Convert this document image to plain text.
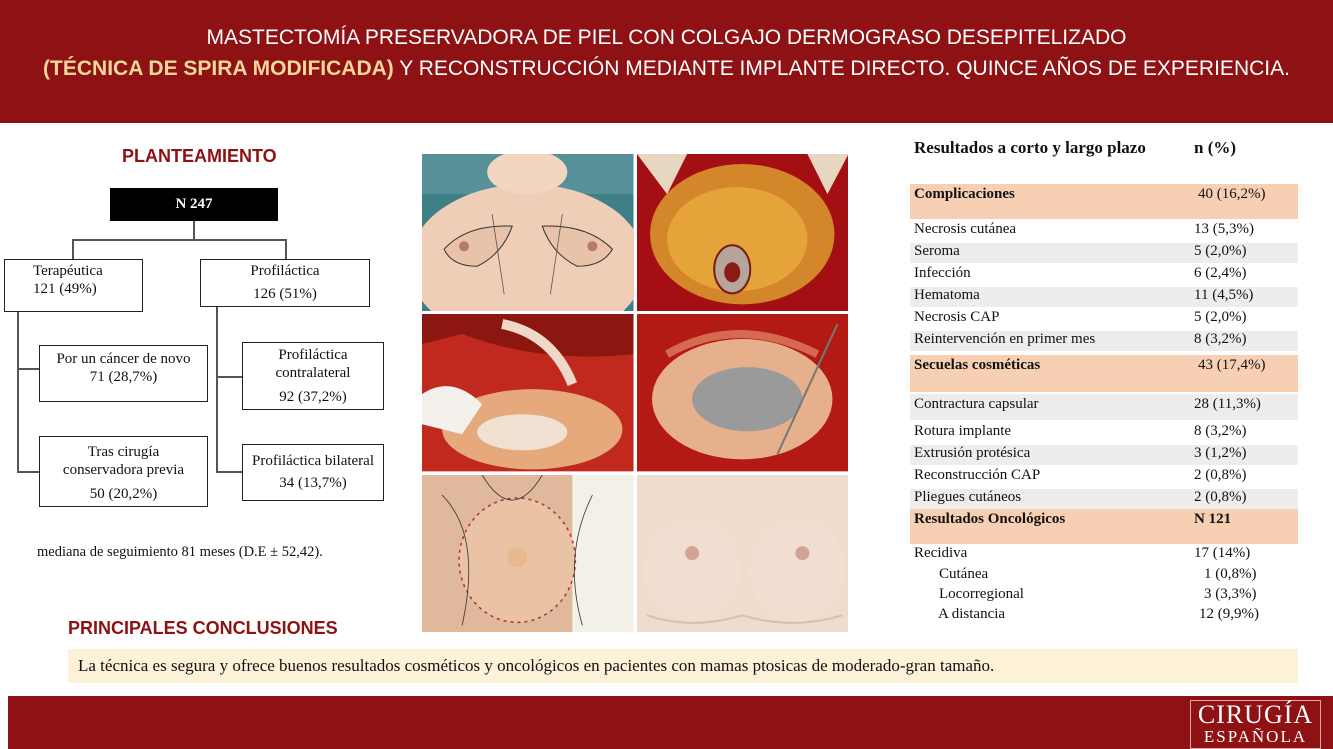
MASTECTOMÍA PRESERVADORA DE PIEL CON COLGAJO DERMOGRASO DESEPITELIZADO
(TÉCNICA DE SPIRA MODIFICADA) Y RECONSTRUCCIÓN MEDIANTE IMPLANTE DIRECTO. QUINCE AÑOS DE EXPERIENCIA.
PLANTEAMIENTO
N 247
Terapéutica
121 (49%)
Profiláctica
126 (51%)
Por un cáncer de novo
71 (28,7%)
Tras cirugía
conservadora previa
50 (20,2%)
Profiláctica
contralateral
92 (37,2%)
Profiláctica bilateral
34 (13,7%)
mediana de seguimiento 81 meses (D.E ± 52,42).
Resultados a corto y largo plazo	n (%)
Complicaciones	40 (16,2%)
Necrosis cutánea	13 (5,3%)
Seroma	5 (2,0%)
Infección	6 (2,4%)
Hematoma	11 (4,5%)
Necrosis CAP	5 (2,0%)
Reintervención en primer mes	8 (3,2%)
Secuelas cosméticas	43 (17,4%)
Contractura capsular	28 (11,3%)
Rotura implante	8 (3,2%)
Extrusión protésica	3 (1,2%)
Reconstrucción CAP	2 (0,8%)
Pliegues cutáneos	2 (0,8%)
Resultados Oncológicos	N 121
Recidiva	17 (14%)
Cutánea	1 (0,8%)
Locorregional	3 (3,3%)
A distancia	12 (9,9%)
PRINCIPALES CONCLUSIONES
La técnica es segura y ofrece buenos resultados cosméticos y oncológicos en pacientes con mamas ptosicas de moderado-gran tamaño.
CIRUGÍA
ESPAÑOLA
